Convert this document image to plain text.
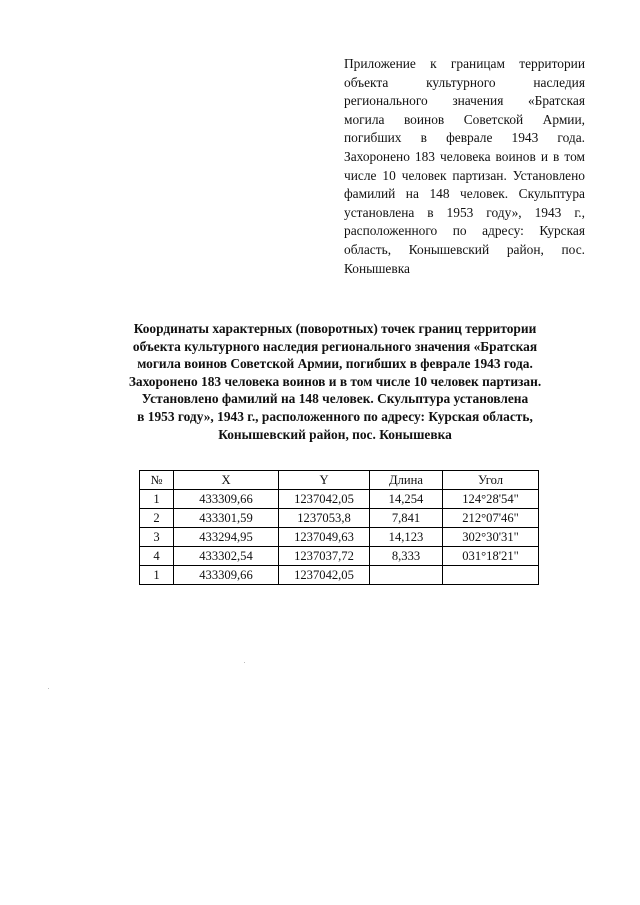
Приложение к границам территории объекта культурного наследия регионального значения «Братская могила воинов Советской Армии, погибших в феврале 1943 года. Захоронено 183 человека воинов и в том числе 10 человек партизан. Установлено фамилий на 148 человек. Скульптура установлена в 1953 году», 1943 г., расположенного по адресу: Курская область, Конышевский район, пос. Конышевка
Координаты характерных (поворотных) точек границ территории
объекта культурного наследия регионального значения «Братская
могила воинов Советской Армии, погибших в феврале 1943 года.
Захоронено 183 человека воинов и в том числе 10 человек партизан.
Установлено фамилий на 148 человек. Скульптура установлена
в 1953 году», 1943 г., расположенного по адресу: Курская область,
Конышевский район, пос. Конышевка
№	X	Y	Длина	Угол
1	433309,66	1237042,05	14,254	124°28'54"
2	433301,59	1237053,8	7,841	212°07'46"
3	433294,95	1237049,63	14,123	302°30'31"
4	433302,54	1237037,72	8,333	031°18'21"
1	433309,66	1237042,05		
